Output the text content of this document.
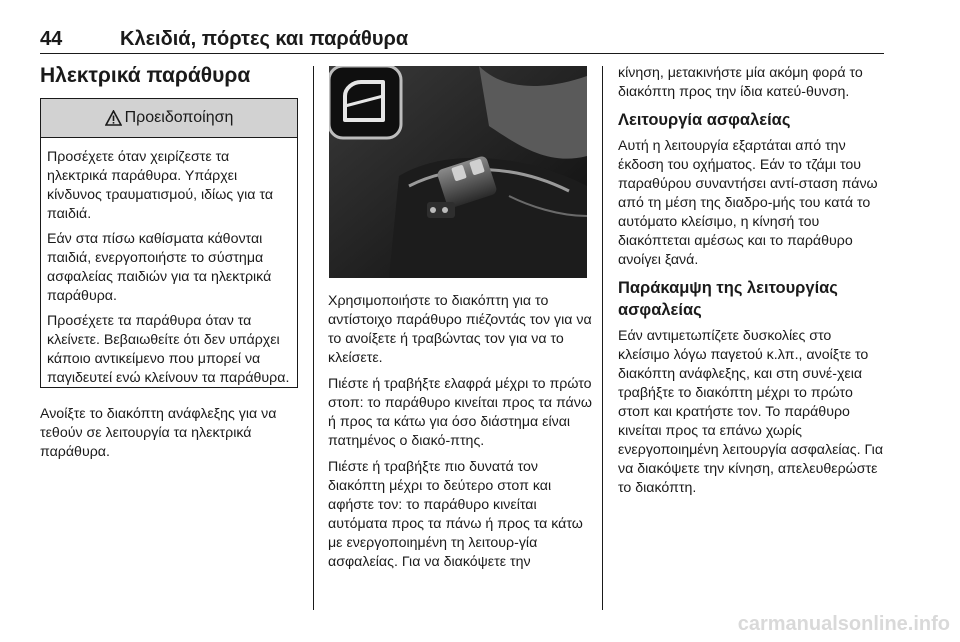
44	Κλειδιά, πόρτες και παράθυρα
Ηλεκτρικά παράθυρα
Προειδοποίηση

Προσέχετε όταν χειρίζεστε τα ηλεκτρικά παράθυρα. Υπάρχει κίνδυνος τραυματισμού, ιδίως για τα παιδιά.

Εάν στα πίσω καθίσματα κάθονται παιδιά, ενεργοποιήστε το σύστημα ασφαλείας παιδιών για τα ηλεκτρικά παράθυρα.

Προσέχετε τα παράθυρα όταν τα κλείνετε. Βεβαιωθείτε ότι δεν υπάρχει κάποιο αντικείμενο που μπορεί να παγιδευτεί ενώ κλείνουν τα παράθυρα.

Ανοίξτε το διακόπτη ανάφλεξης για να τεθούν σε λειτουργία τα ηλεκτρικά παράθυρα.

Χρησιμοποιήστε το διακόπτη για το αντίστοιχο παράθυρο πιέζοντάς τον για να το ανοίξετε ή τραβώντας τον για να το κλείσετε.

Πιέστε ή τραβήξτε ελαφρά μέχρι το πρώτο στοπ: το παράθυρο κινείται προς τα πάνω ή προς τα κάτω για όσο διάστημα είναι πατημένος ο διακό-πτης.

Πιέστε ή τραβήξτε πιο δυνατά τον διακόπτη μέχρι το δεύτερο στοπ και αφήστε τον: το παράθυρο κινείται αυτόματα προς τα πάνω ή προς τα κάτω με ενεργοποιημένη τη λειτουρ-γία ασφαλείας. Για να διακόψετε την

κίνηση, μετακινήστε μία ακόμη φορά το διακόπτη προς την ίδια κατεύ-θυνση.

Λειτουργία ασφαλείας

Αυτή η λειτουργία εξαρτάται από την έκδοση του οχήματος. Εάν το τζάμι του παραθύρου συναντήσει αντί-σταση πάνω από τη μέση της διαδρο-μής του κατά το αυτόματο κλείσιμο, η κίνησή του διακόπτεται αμέσως και το παράθυρο ανοίγει ξανά.

Παράκαμψη της λειτουργίας ασφαλείας

Εάν αντιμετωπίζετε δυσκολίες στο κλείσιμο λόγω παγετού κ.λπ., ανοίξτε το διακόπτη ανάφλεξης, και στη συνέ-χεια τραβήξτε το διακόπτη μέχρι το πρώτο στοπ και κρατήστε τον. Το παράθυρο κινείται προς τα επάνω χωρίς ενεργοποιημένη λειτουργία ασφαλείας. Για να διακόψετε την κίνηση, απελευθερώστε το διακόπτη.

carmanualsonline.info
